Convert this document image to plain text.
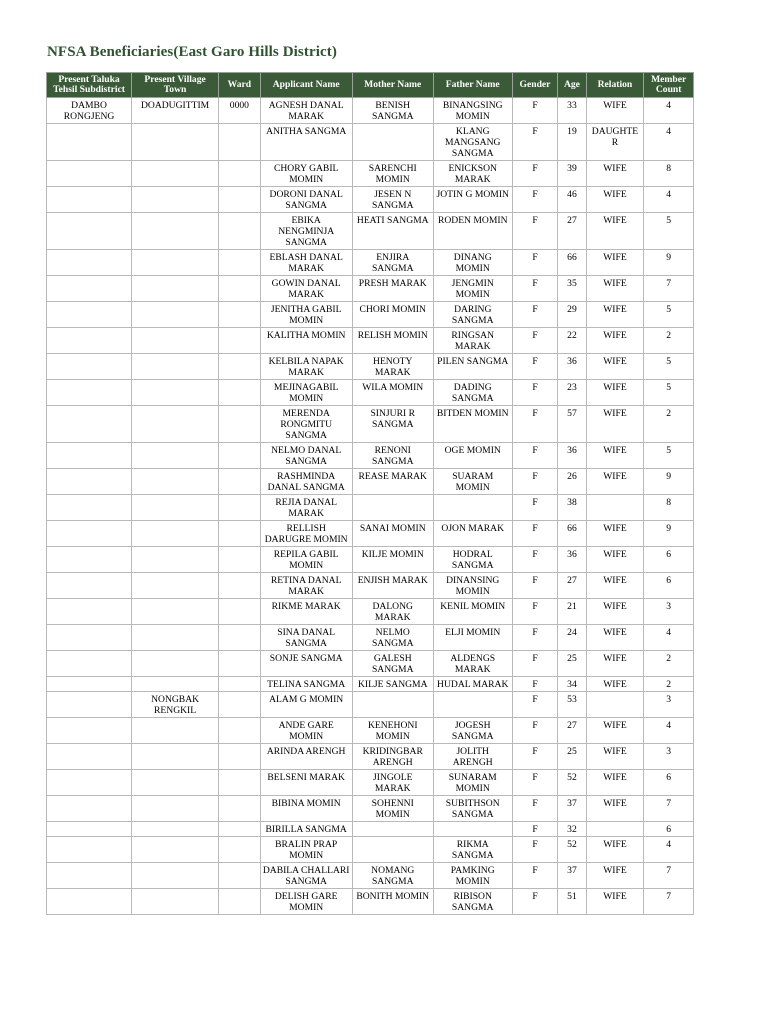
NFSA Beneficiaries(East Garo Hills District)
Present Taluka Tehsil Subdistrict	Present Village Town	Ward	Applicant Name	Mother Name	Father Name	Gender	Age	Relation	Member Count
DAMBO RONGJENG	DOADUGITTIM	0000	AGNESH DANAL MARAK	BENISH SANGMA	BINANGSING MOMIN	F	33	WIFE	4
			ANITHA SANGMA		KLANG MANGSANG SANGMA	F	19	DAUGHTE R	4
			CHORY GABIL MOMIN	SARENCHI MOMIN	ENICKSON MARAK	F	39	WIFE	8
			DORONI DANAL SANGMA	JESEN N SANGMA	JOTIN G MOMIN	F	46	WIFE	4
			EBIKA NENGMINJA SANGMA	HEATI SANGMA	RODEN MOMIN	F	27	WIFE	5
			EBLASH DANAL MARAK	ENJIRA SANGMA	DINANG MOMIN	F	66	WIFE	9
			GOWIN DANAL MARAK	PRESH MARAK	JENGMIN MOMIN	F	35	WIFE	7
			JENITHA GABIL MOMIN	CHORI MOMIN	DARING SANGMA	F	29	WIFE	5
			KALITHA MOMIN	RELISH MOMIN	RINGSAN MARAK	F	22	WIFE	2
			KELBILA NAPAK MARAK	HENOTY MARAK	PILEN SANGMA	F	36	WIFE	5
			MEJINAGABIL MOMIN	WILA MOMIN	DADING SANGMA	F	23	WIFE	5
			MERENDA RONGMITU SANGMA	SINJURI R SANGMA	BITDEN MOMIN	F	57	WIFE	2
			NELMO DANAL SANGMA	RENONI SANGMA	OGE MOMIN	F	36	WIFE	5
			RASHMINDA DANAL SANGMA	REASE MARAK	SUARAM MOMIN	F	26	WIFE	9
			REJIA DANAL MARAK			F	38		8
			RELLISH DARUGRE MOMIN	SANAI MOMIN	OJON MARAK	F	66	WIFE	9
			REPILA GABIL MOMIN	KILJE MOMIN	HODRAL SANGMA	F	36	WIFE	6
			RETINA DANAL MARAK	ENJISH MARAK	DINANSING MOMIN	F	27	WIFE	6
			RIKME MARAK	DALONG MARAK	KENIL MOMIN	F	21	WIFE	3
			SINA DANAL SANGMA	NELMO SANGMA	ELJI MOMIN	F	24	WIFE	4
			SONJE SANGMA	GALESH SANGMA	ALDENGS MARAK	F	25	WIFE	2
			TELINA SANGMA	KILJE SANGMA	HUDAL MARAK	F	34	WIFE	2
	NONGBAK RENGKIL		ALAM G MOMIN			F	53		3
			ANDE GARE MOMIN	KENEHONI MOMIN	JOGESH SANGMA	F	27	WIFE	4
			ARINDA ARENGH	KRIDINGBAR ARENGH	JOLITH ARENGH	F	25	WIFE	3
			BELSENI MARAK	JINGOLE MARAK	SUNARAM MOMIN	F	52	WIFE	6
			BIBINA MOMIN	SOHENNI MOMIN	SUBITHSON SANGMA	F	37	WIFE	7
			BIRILLA SANGMA			F	32		6
			BRALIN PRAP MOMIN		RIKMA SANGMA	F	52	WIFE	4
			DABILA CHALLARI SANGMA	NOMANG SANGMA	PAMKING MOMIN	F	37	WIFE	7
			DELISH GARE MOMIN	BONITH MOMIN	RIBISON SANGMA	F	51	WIFE	7
